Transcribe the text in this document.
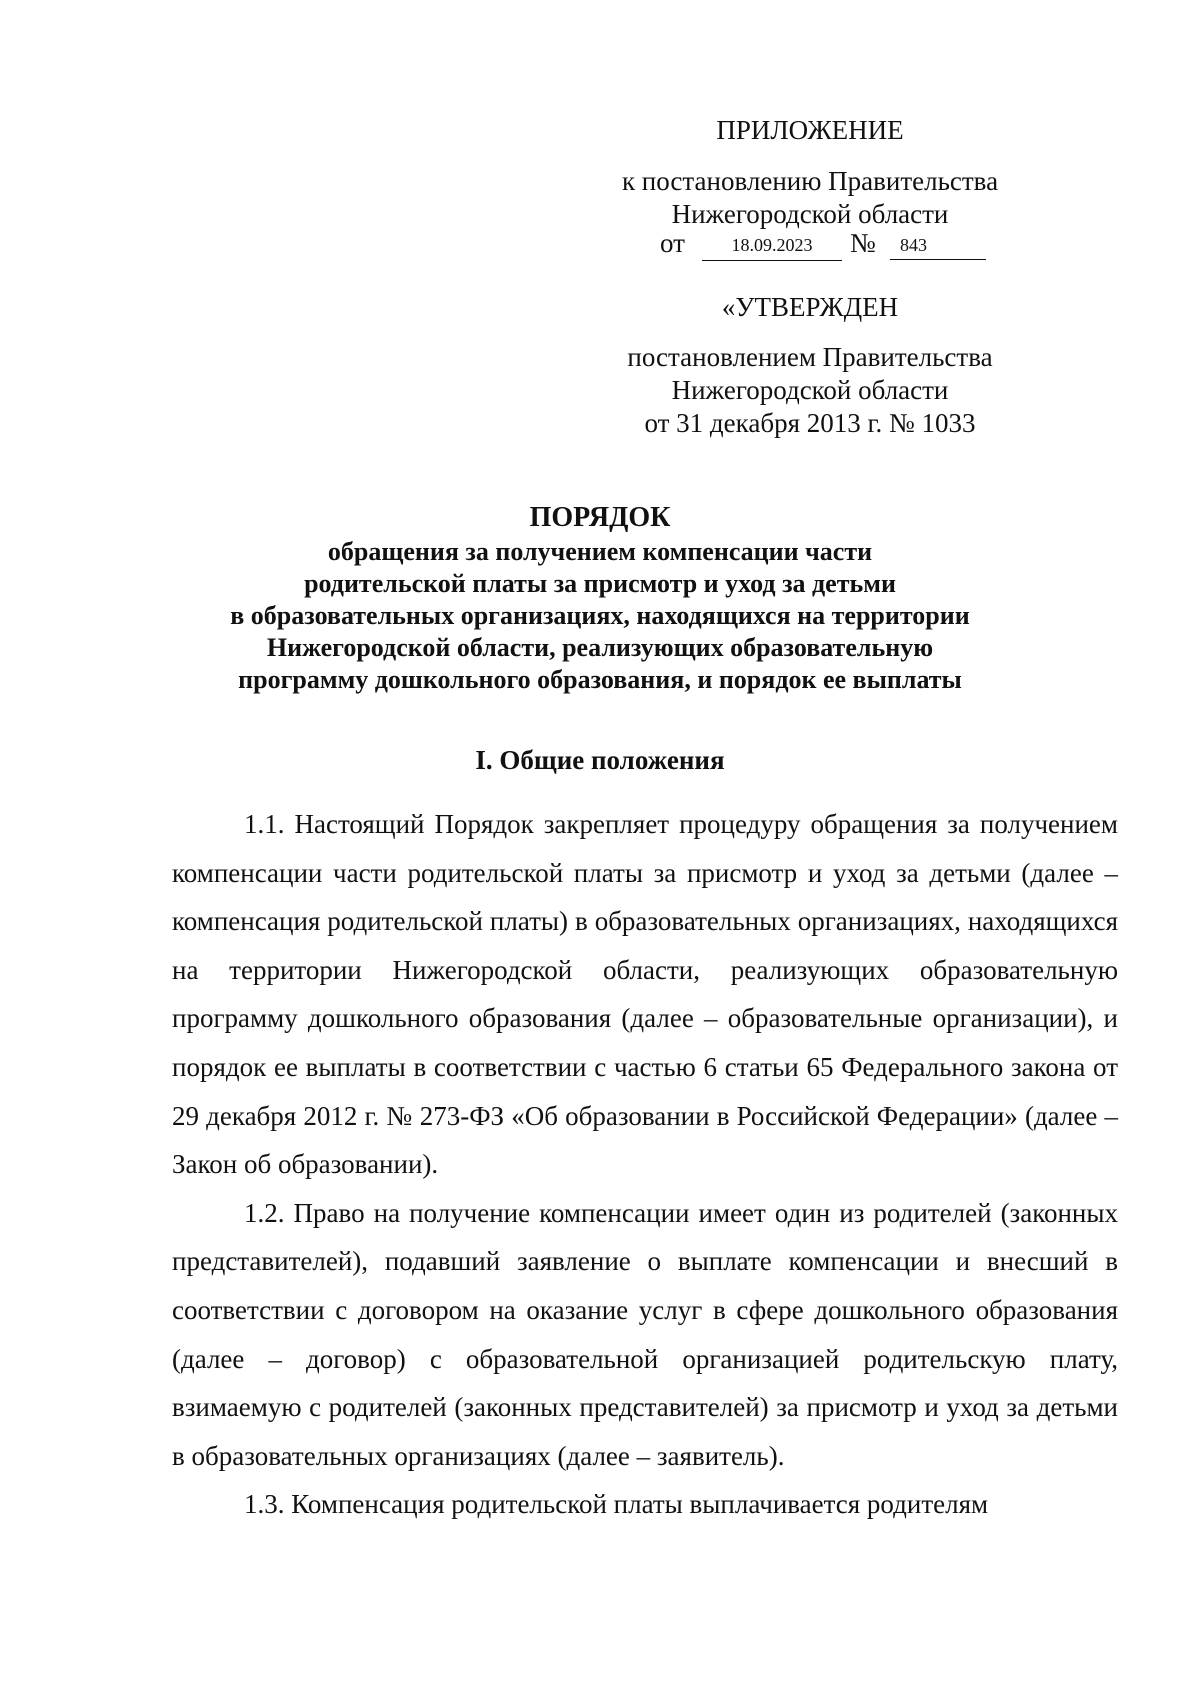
ПРИЛОЖЕНИЕ
к постановлению Правительства
Нижегородской области
от	18.09.2023	№	843
«УТВЕРЖДЕН
постановлением Правительства
Нижегородской области
от 31 декабря 2013 г. № 1033
ПОРЯДОК
обращения за получением компенсации части
родительской платы за присмотр и уход за детьми
в образовательных организациях, находящихся на территории
Нижегородской области, реализующих образовательную
программу дошкольного образования, и порядок ее выплаты
I. Общие положения

1.1. Настоящий Порядок закрепляет процедуру обращения за получением компенсации части родительской платы за присмотр и уход за детьми (далее – компенсация родительской платы) в образовательных организациях, находящихся на территории Нижегородской области, реализующих образовательную программу дошкольного образования (далее – образовательные организации), и порядок ее выплаты в соответствии с частью 6 статьи 65 Федерального закона от 29 декабря 2012 г. № 273-ФЗ «Об образовании в Российской Федерации» (далее – Закон об образовании).

1.2. Право на получение компенсации имеет один из родителей (законных представителей), подавший заявление о выплате компенсации и внесший в соответствии с договором на оказание услуг в сфере дошкольного образования (далее – договор) с образовательной организацией родительскую плату, взимаемую с родителей (законных представителей) за присмотр и уход за детьми в образовательных организациях (далее – заявитель).

1.3. Компенсация родительской платы выплачивается родителям
